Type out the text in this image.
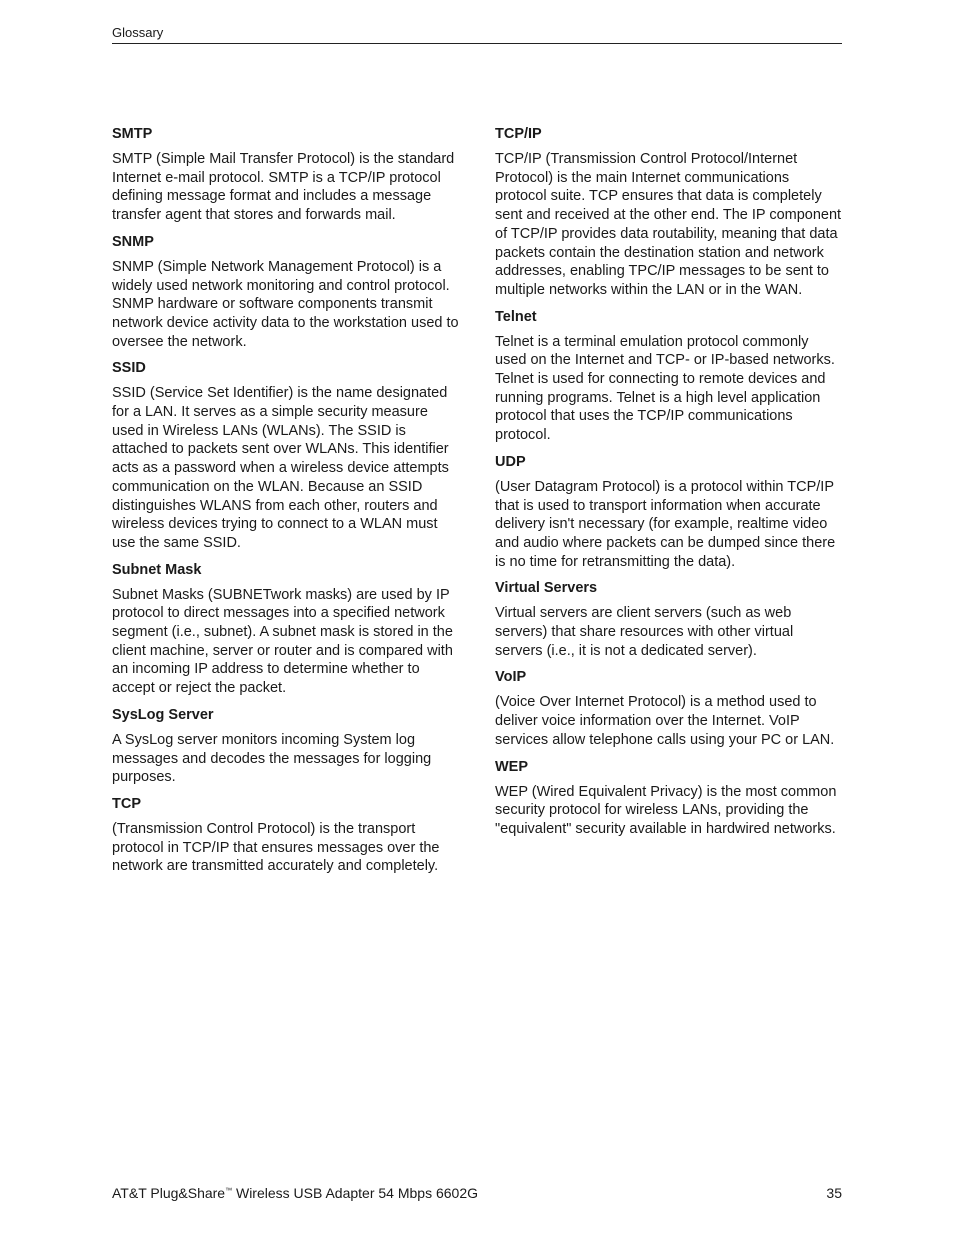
Glossary

SMTP

SMTP (Simple Mail Transfer Protocol) is the standard Internet e-mail protocol. SMTP is a TCP/IP protocol defining message format and includes a message transfer agent that stores and forwards mail.

SNMP

SNMP (Simple Network Management Protocol) is a widely used network monitoring and control protocol. SNMP hardware or software components transmit network device activity data to the workstation used to oversee the network.

SSID

SSID (Service Set Identifier) is the name designated for a LAN. It serves as a simple security measure used in Wireless LANs (WLANs). The SSID is attached to packets sent over WLANs. This identifier acts as a password when a wireless device attempts communication on the WLAN. Because an SSID distinguishes WLANS from each other, routers and wireless devices trying to connect to a WLAN must use the same SSID.

Subnet Mask

Subnet Masks (SUBNETwork masks) are used by IP protocol to direct messages into a specified network segment (i.e., subnet). A subnet mask is stored in the client machine, server or router and is compared with an incoming IP address to determine whether to accept or reject the packet.

SysLog Server

A SysLog server monitors incoming System log messages and decodes the messages for logging purposes.

TCP

(Transmission Control Protocol) is the transport protocol in TCP/IP that ensures messages over the network are transmitted accurately and completely.

TCP/IP

TCP/IP (Transmission Control Protocol/Internet Protocol) is the main Internet communications protocol suite. TCP ensures that data is completely sent and received at the other end. The IP component of TCP/IP provides data routability, meaning that data packets contain the destination station and network addresses, enabling TPC/IP messages to be sent to multiple networks within the LAN or in the WAN.

Telnet

Telnet is a terminal emulation protocol commonly used on the Internet and TCP- or IP-based networks. Telnet is used for connecting to remote devices and running programs. Telnet is a high level application protocol that uses the TCP/IP communications protocol.

UDP

(User Datagram Protocol) is a protocol within TCP/IP that is used to transport information when accurate delivery isn't necessary (for example, realtime video and audio where packets can be dumped since there is no time for retransmitting the data).

Virtual Servers

Virtual servers are client servers (such as web servers) that share resources with other virtual servers (i.e., it is not a dedicated server).

VoIP

(Voice Over Internet Protocol) is a method used to deliver voice information over the Internet. VoIP services allow telephone calls using your PC or LAN.

WEP

WEP (Wired Equivalent Privacy) is the most common security protocol for wireless LANs, providing the "equivalent" security available in hardwired networks.

AT&T Plug&Share™ Wireless USB Adapter 54 Mbps 6602G	35
